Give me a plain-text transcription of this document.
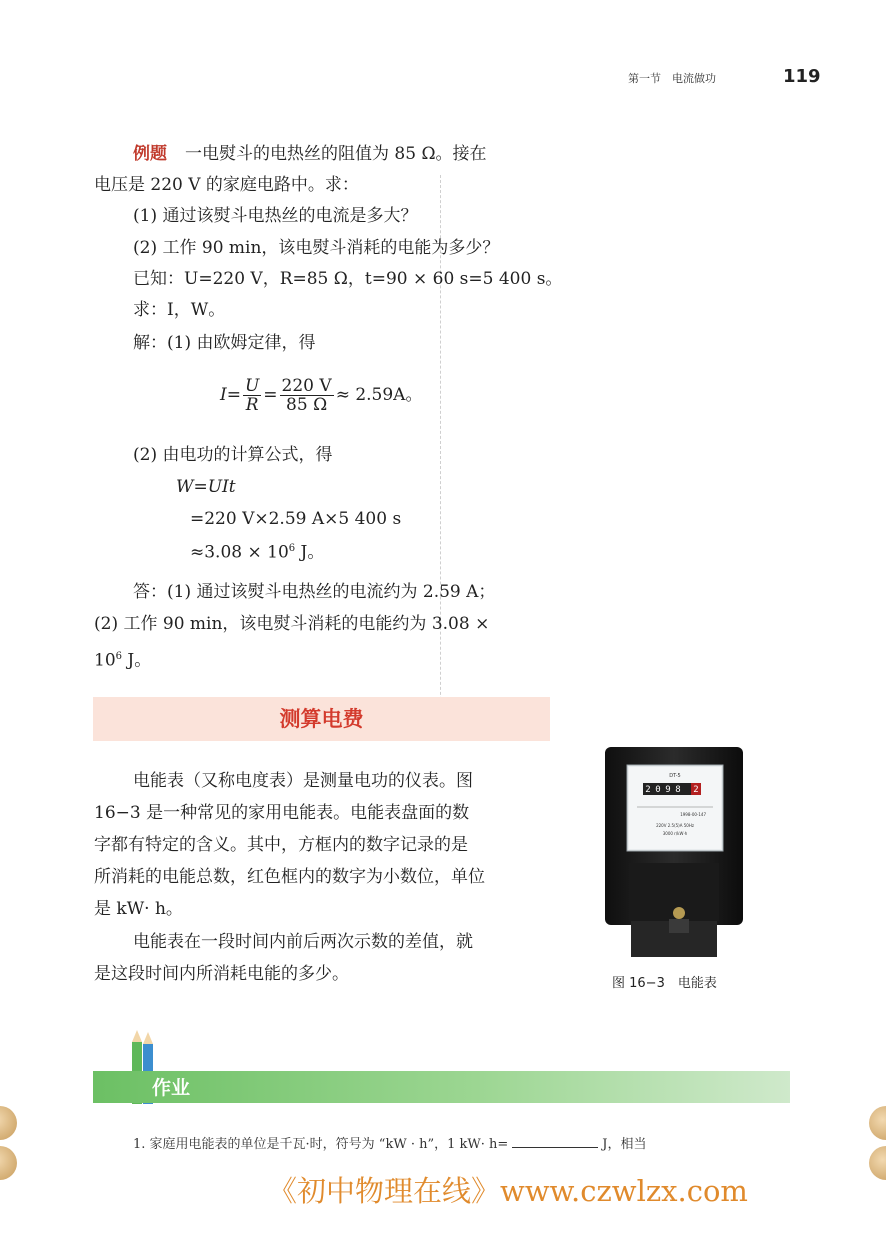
第一节　电流做功	119
例题 一电熨斗的电热丝的阻值为 85 Ω。接在
电压是 220 V 的家庭电路中。求：
(1) 通过该熨斗电热丝的电流是多大？
(2) 工作 90 min，该电熨斗消耗的电能为多少？
已知：U=220 V，R=85 Ω，t=90 × 60 s=5 400 s。
求：I，W。
解：(1) 由欧姆定律，得
$I= \frac{U}{R} = \frac{220 V}{85 \Omega} \approx 2.59A$。
(2) 由电功的计算公式，得
W=UIt
=220 V×2.59 A×5 400 s
$\approx 3.08 \times 10^6$ J。
答：(1) 通过该熨斗电热丝的电流约为 2.59 A；
(2) 工作 90 min，该电熨斗消耗的电能约为 3.08 ×
$10^6$ J。
测算电费
电能表（又称电度表）是测量电功的仪表。图
16−3 是一种常见的家用电能表。电能表盘面的数
字都有特定的含义。其中，方框内的数字记录的是
所消耗的电能总数，红色框内的数字为小数位，单位
是 kW· h。
电能表在一段时间内前后两次示数的差值，就
是这段时间内所消耗电能的多少。
DT-5
2 0 9 8 2
1998-00-147
220V 2.5(5)A 50Hz
3000 r/kW·h
图 16−3　电能表
作业
1. 家庭用电能表的单位是千瓦·时，符号为 “kW · h”，1 kW· h=	J，相当
《初中物理在线》www.czwlzx.com
